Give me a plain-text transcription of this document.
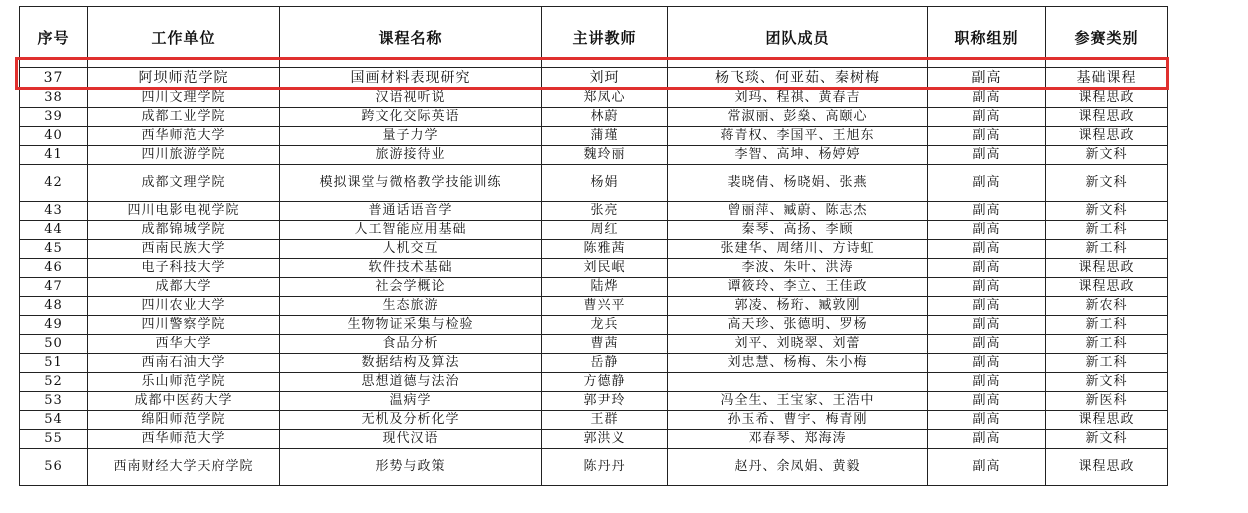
序号	工作单位	课程名称	主讲教师	团队成员	职称组别	参赛类别
37	阿坝师范学院	国画材料表现研究	刘珂	杨飞琰、何亚茹、秦树梅	副高	基础课程
38	四川文理学院	汉语视听说	郑凤心	刘玛、程祺、黄春吉	副高	课程思政
39	成都工业学院	跨文化交际英语	林蔚	常淑丽、彭燊、高颐心	副高	课程思政
40	西华师范大学	量子力学	蒲瑾	蒋青权、李国平、王旭东	副高	课程思政
41	四川旅游学院	旅游接待业	魏玲丽	李智、高坤、杨婷婷	副高	新文科
42	成都文理学院	模拟课堂与微格教学技能训练	杨娟	裴晓倩、杨晓娟、张燕	副高	新文科
43	四川电影电视学院	普通话语音学	张亮	曾丽萍、臧蔚、陈志杰	副高	新文科
44	成都锦城学院	人工智能应用基础	周红	秦琴、高扬、李顾	副高	新工科
45	西南民族大学	人机交互	陈雅茜	张建华、周绪川、方诗虹	副高	新工科
46	电子科技大学	软件技术基础	刘民岷	李波、朱叶、洪涛	副高	课程思政
47	成都大学	社会学概论	陆烨	谭筱玲、李立、王佳政	副高	课程思政
48	四川农业大学	生态旅游	曹兴平	郭凌、杨珩、臧敦刚	副高	新农科
49	四川警察学院	生物物证采集与检验	龙兵	高天珍、张德明、罗杨	副高	新工科
50	西华大学	食品分析	曹茜	刘平、刘晓翠、刘蕾	副高	新工科
51	西南石油大学	数据结构及算法	岳静	刘忠慧、杨梅、朱小梅	副高	新工科
52	乐山师范学院	思想道德与法治	方德静		副高	新文科
53	成都中医药大学	温病学	郭尹玲	冯全生、王宝家、王浩中	副高	新医科
54	绵阳师范学院	无机及分析化学	王群	孙玉希、曹宇、梅青刚	副高	课程思政
55	西华师范大学	现代汉语	郭洪义	邓春琴、郑海涛	副高	新文科
56	西南财经大学天府学院	形势与政策	陈丹丹	赵丹、余凤娟、黄毅	副高	课程思政
